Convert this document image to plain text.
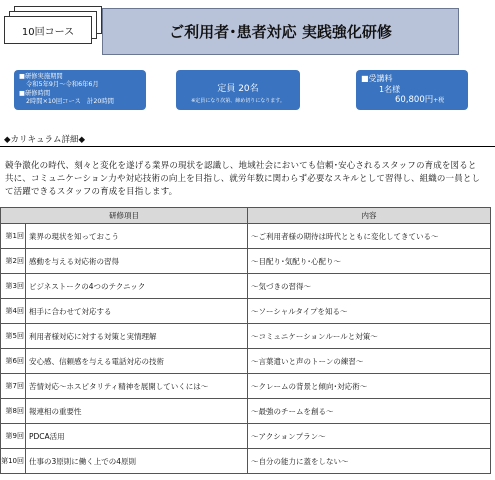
10回コース	ご利用者･患者対応 実践強化研修
■研修実施期間
令和5年9月～令和6年6月
■研修時間
2時間×10回コース　計20時間
定員 20名
※定員になり次第、締め切りになります。
■受講料
1名様
60,800円+税
◆カリキュラム詳細◆
競争激化の時代、刻々と変化を遂げる業界の現状を認識し、地域社会においても信頼･安心されるスタッフの育成を図ると共に、コミュニケーション力や対応技術の向上を目指し、就労年数に関わらず必要なスキルとして習得し、組織の一員として活躍できるスタッフの育成を目指します。
研修項目		内容
第1回	業界の現状を知っておこう	～ご利用者様の期待は時代とともに変化してきている～
第2回	感動を与える対応術の習得	～目配り･気配り･心配り～
第3回	ビジネストークの4つのテクニック	～気づきの習得～
第4回	相手に合わせて対応する	～ソーシャルタイプを知る～
第5回	利用者様対応に対する対策と実情理解	～コミュニケーションルールと対策～
第6回	安心感、信頼感を与える電話対応の技術	～言葉遣いと声のトーンの練習～
第7回	苦情対応～ホスピタリティ精神を展開していくには～	～クレームの背景と傾向･対応術～
第8回	報連相の重要性	～最強のチームを創る～
第9回	PDCA活用	～アクションプラン～
第10回	仕事の3原則に働く上での4原則	～自分の能力に蓋をしない～
